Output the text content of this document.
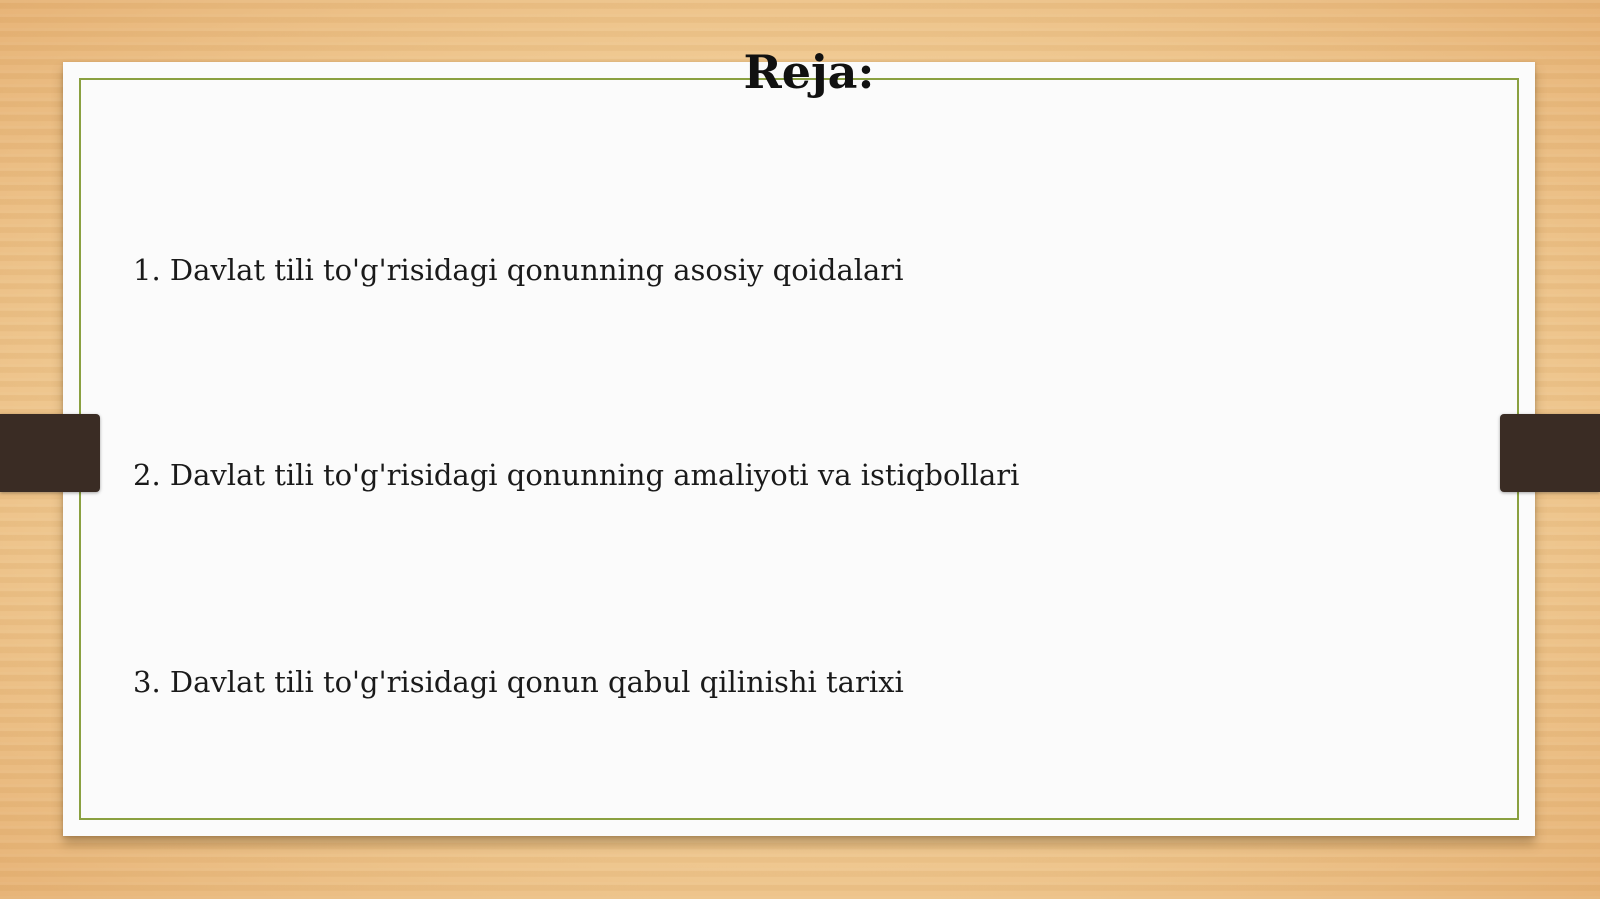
Reja:
1. Davlat tili to'g'risidagi qonunning asosiy qoidalari
2. Davlat tili to'g'risidagi qonunning amaliyoti va istiqbollari
3. Davlat tili to'g'risidagi qonun qabul qilinishi tarixi
